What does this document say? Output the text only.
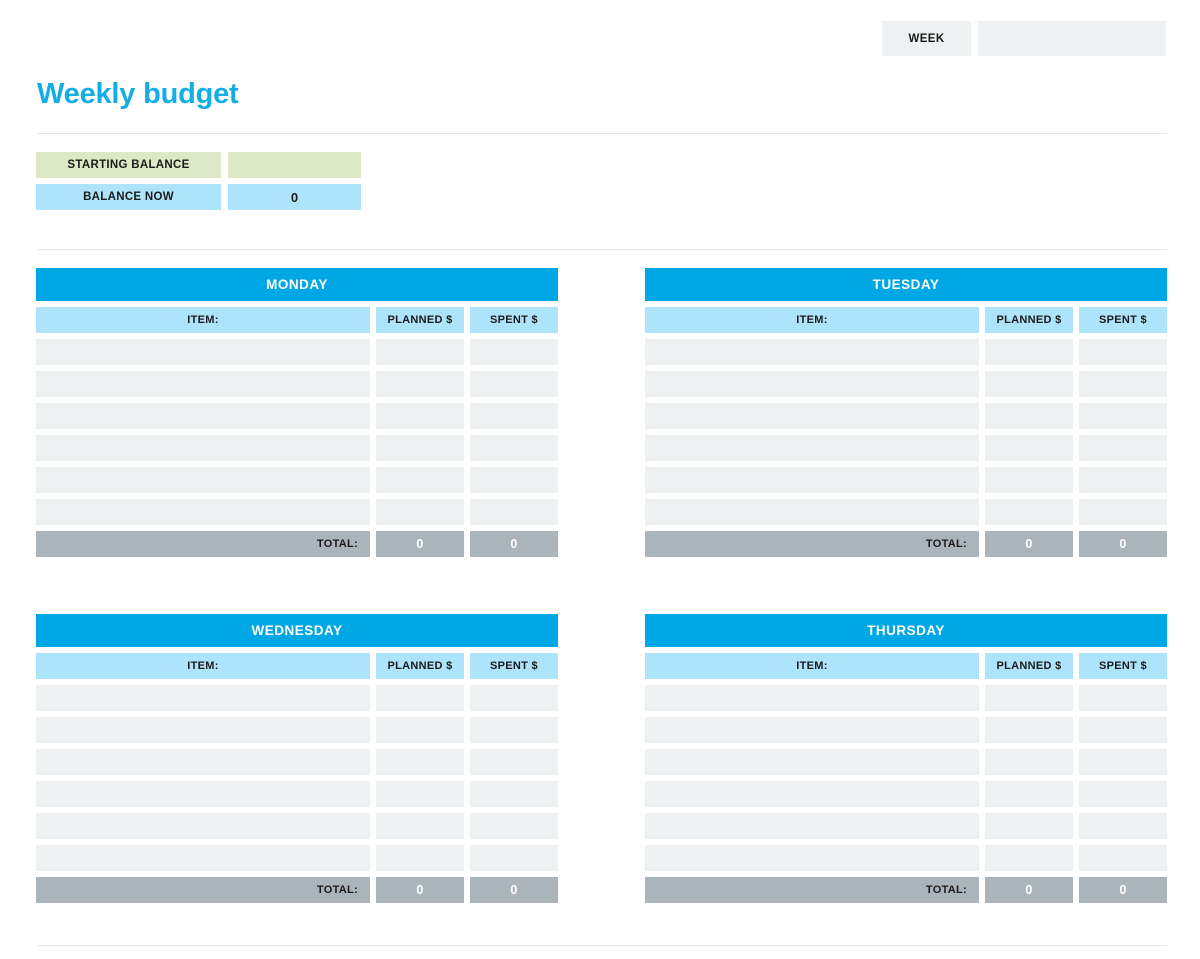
WEEK
Weekly budget
STARTING BALANCE
BALANCE NOW	0
MONDAY
ITEM:	PLANNED $	SPENT $
TOTAL:	0	0
TUESDAY
ITEM:	PLANNED $	SPENT $
TOTAL:	0	0
WEDNESDAY
ITEM:	PLANNED $	SPENT $
TOTAL:	0	0
THURSDAY
ITEM:	PLANNED $	SPENT $
TOTAL:	0	0
